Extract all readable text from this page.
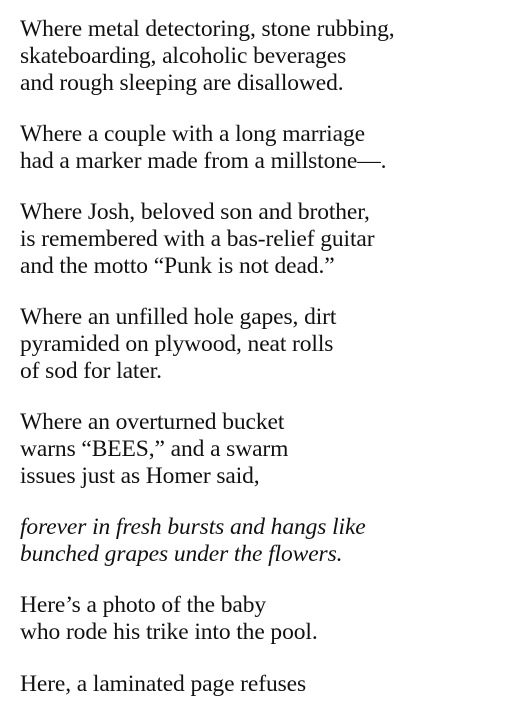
Where metal detectoring, stone rubbing,
skateboarding, alcoholic beverages
and rough sleeping are disallowed.
Where a couple with a long marriage
had a marker made from a millstone—.
Where Josh, beloved son and brother,
is remembered with a bas-relief guitar
and the motto “Punk is not dead.”
Where an unfilled hole gapes, dirt
pyramided on plywood, neat rolls
of sod for later.
Where an overturned bucket
warns “BEES,” and a swarm
issues just as Homer said,
forever in fresh bursts and hangs like
bunched grapes under the flowers.
Here’s a photo of the baby
who rode his trike into the pool.
Here, a laminated page refuses
